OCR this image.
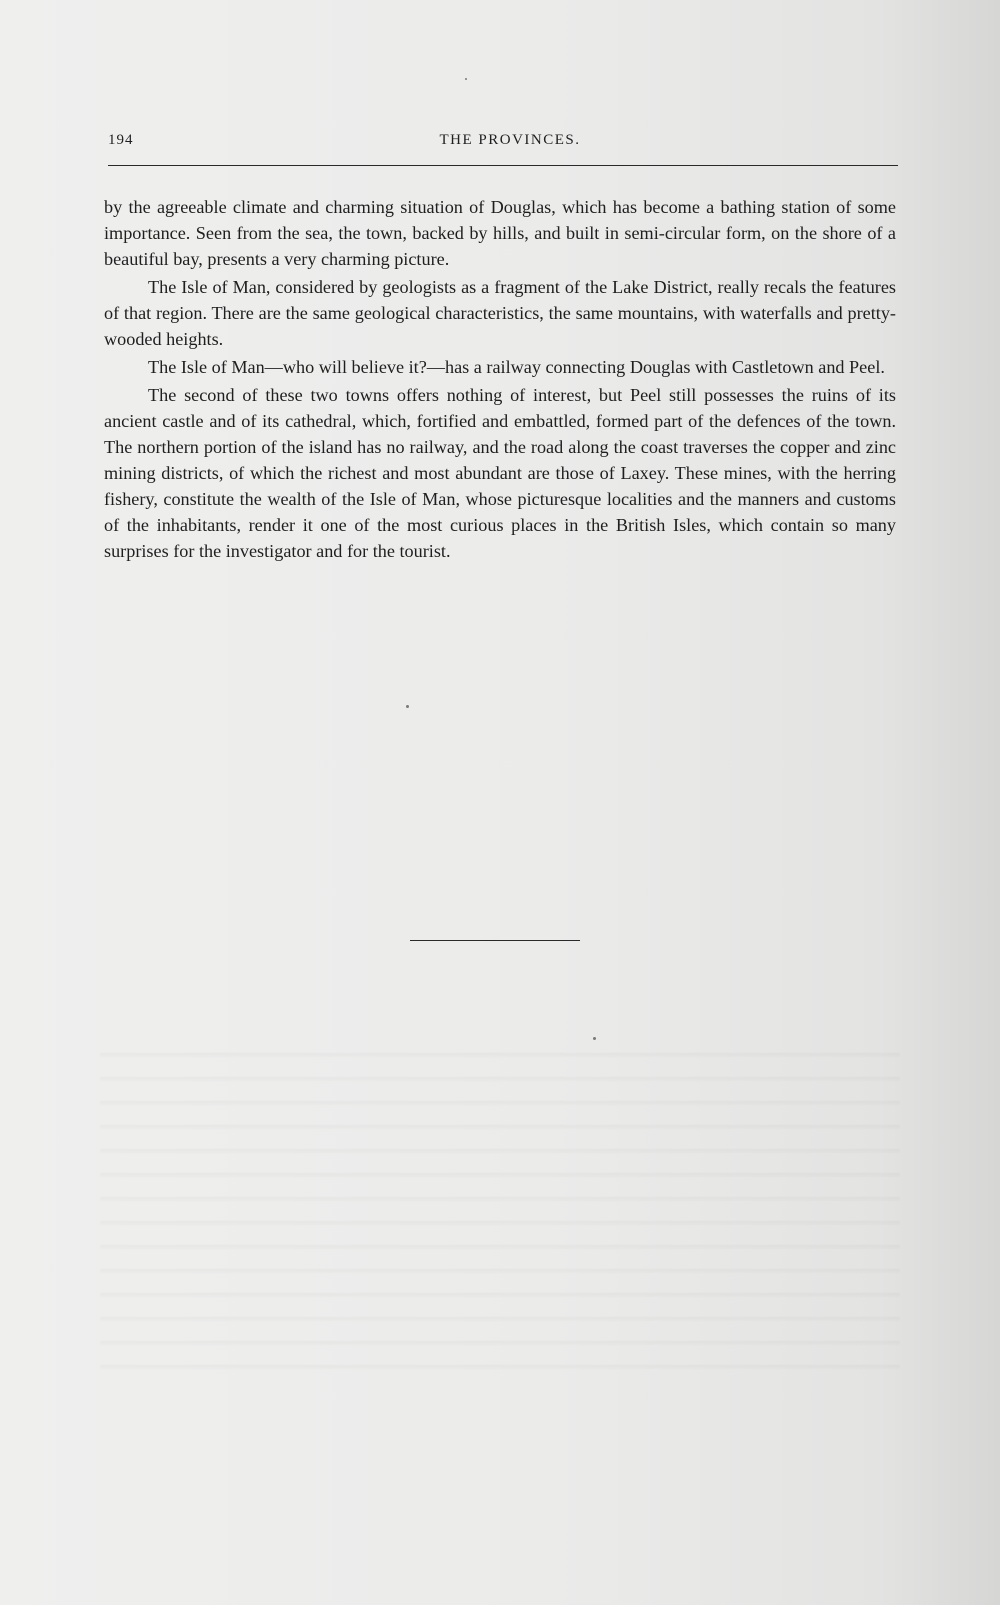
194	THE PROVINCES.

by the agreeable climate and charming situation of Douglas, which has become a bathing station of some importance. Seen from the sea, the town, backed by hills, and built in semi-circular form, on the shore of a beautiful bay, presents a very charming picture.

The Isle of Man, considered by geologists as a fragment of the Lake District, really recals the features of that region. There are the same geological characteristics, the same mountains, with waterfalls and pretty-wooded heights.

The Isle of Man—who will believe it?—has a railway connecting Douglas with Castletown and Peel.

The second of these two towns offers nothing of interest, but Peel still possesses the ruins of its ancient castle and of its cathedral, which, fortified and embattled, formed part of the defences of the town. The northern portion of the island has no railway, and the road along the coast traverses the copper and zinc mining districts, of which the richest and most abundant are those of Laxey. These mines, with the herring fishery, constitute the wealth of the Isle of Man, whose picturesque localities and the manners and customs of the inhabitants, render it one of the most curious places in the British Isles, which contain so many surprises for the investigator and for the tourist.
